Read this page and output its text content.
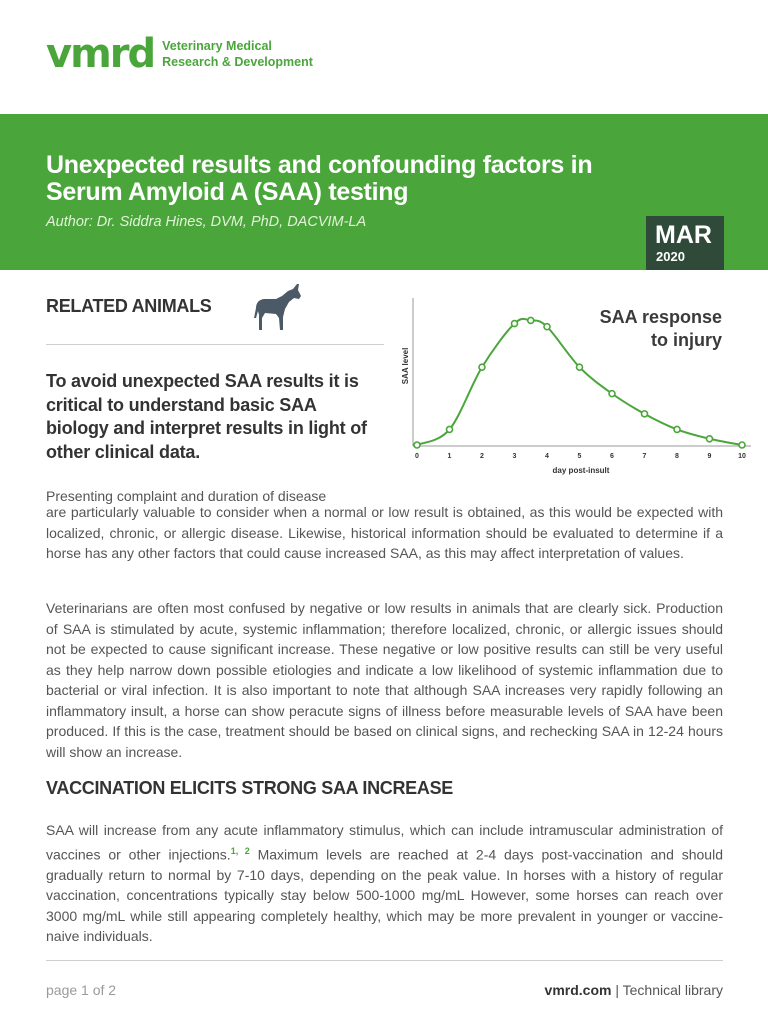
vmrd Veterinary Medical
Research & Development
Unexpected results and confounding factors in Serum Amyloid A (SAA) testing

Author: Dr. Siddra Hines, DVM, PhD, DACVIM-LA	MAR
2020
RELATED ANIMALS

To avoid unexpected SAA results it is critical to understand basic SAA biology and interpret results in light of other clinical data.	0	1	2	3	4	5	6	7	8	9	10
SAA response
to injury
day post-insult
SAA level

Presenting complaint and duration of disease

are particularly valuable to consider when a normal or low result is obtained, as this would be expected with localized, chronic, or allergic disease. Likewise, historical information should be evaluated to determine if a horse has any other factors that could cause increased SAA, as this may affect interpretation of values.

Veterinarians are often most confused by negative or low results in animals that are clearly sick. Production of SAA is stimulated by acute, systemic inflammation; therefore localized, chronic, or allergic issues should not be expected to cause significant increase. These negative or low positive results can still be very useful as they help narrow down possible etiologies and indicate a low likelihood of systemic inflammation due to bacterial or viral infection. It is also important to note that although SAA increases very rapidly following an inflammatory insult, a horse can show peracute signs of illness before measurable levels of SAA have been produced. If this is the case, treatment should be based on clinical signs, and rechecking SAA in 12-24 hours will show an increase.

VACCINATION ELICITS STRONG SAA INCREASE

SAA will increase from any acute inflammatory stimulus, which can include intramuscular administration of vaccines or other injections.$^{1, 2}$ Maximum levels are reached at 2-4 days post-vaccination and should gradually return to normal by 7-10 days, depending on the peak value. In horses with a history of regular vaccination, concentrations typically stay below 500-1000 mg/mL However, some horses can reach over 3000 mg/mL while still appearing completely healthy, which may be more prevalent in younger or vaccine-naive individuals.

page 1 of 2	vmrd.com | Technical library
